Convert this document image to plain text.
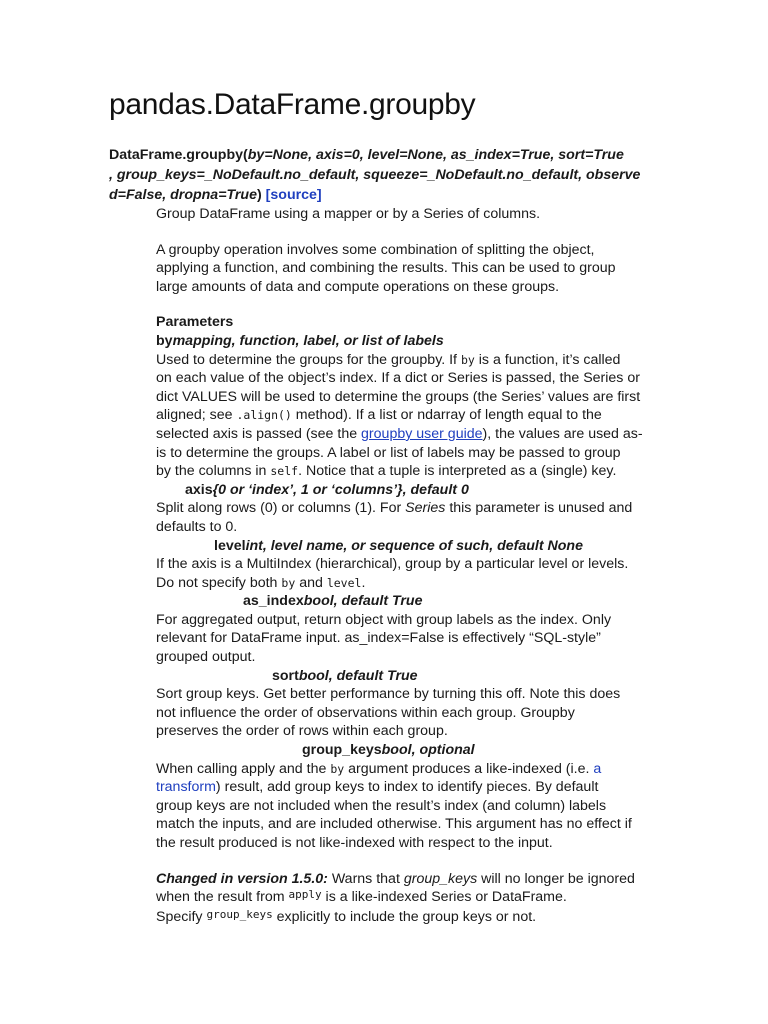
pandas.DataFrame.groupby
DataFrame.groupby(by=None, axis=0, level=None, as_index=True, sort=True
, group_keys=_NoDefault.no_default, squeeze=_NoDefault.no_default, observe
d=False, dropna=True) [source]

Group DataFrame using a mapper or by a Series of columns.

A groupby operation involves some combination of splitting the object,

applying a function, and combining the results. This can be used to group

large amounts of data and compute operations on these groups.

Parameters

bymapping, function, label, or list of labels

Used to determine the groups for the groupby. If by is a function, it’s called

on each value of the object’s index. If a dict or Series is passed, the Series or

dict VALUES will be used to determine the groups (the Series’ values are first

aligned; see .align() method). If a list or ndarray of length equal to the

selected axis is passed (see the groupby user guide), the values are used as-

is to determine the groups. A label or list of labels may be passed to group

by the columns in self. Notice that a tuple is interpreted as a (single) key.

axis{0 or ‘index’, 1 or ‘columns’}, default 0

Split along rows (0) or columns (1). For Series this parameter is unused and

defaults to 0.

levelint, level name, or sequence of such, default None

If the axis is a MultiIndex (hierarchical), group by a particular level or levels.

Do not specify both by and level.

as_indexbool, default True

For aggregated output, return object with group labels as the index. Only

relevant for DataFrame input. as_index=False is effectively “SQL-style”

grouped output.

sortbool, default True

Sort group keys. Get better performance by turning this off. Note this does

not influence the order of observations within each group. Groupby

preserves the order of rows within each group.

group_keysbool, optional

When calling apply and the by argument produces a like-indexed (i.e. a

transform) result, add group keys to index to identify pieces. By default

group keys are not included when the result’s index (and column) labels

match the inputs, and are included otherwise. This argument has no effect if

the result produced is not like-indexed with respect to the input.

Changed in version 1.5.0: Warns that group_keys will no longer be ignored

when the result from $^{apply}$ is a like-indexed Series or DataFrame.

Specify $^{group\_keys}$ explicitly to include the group keys or not.
